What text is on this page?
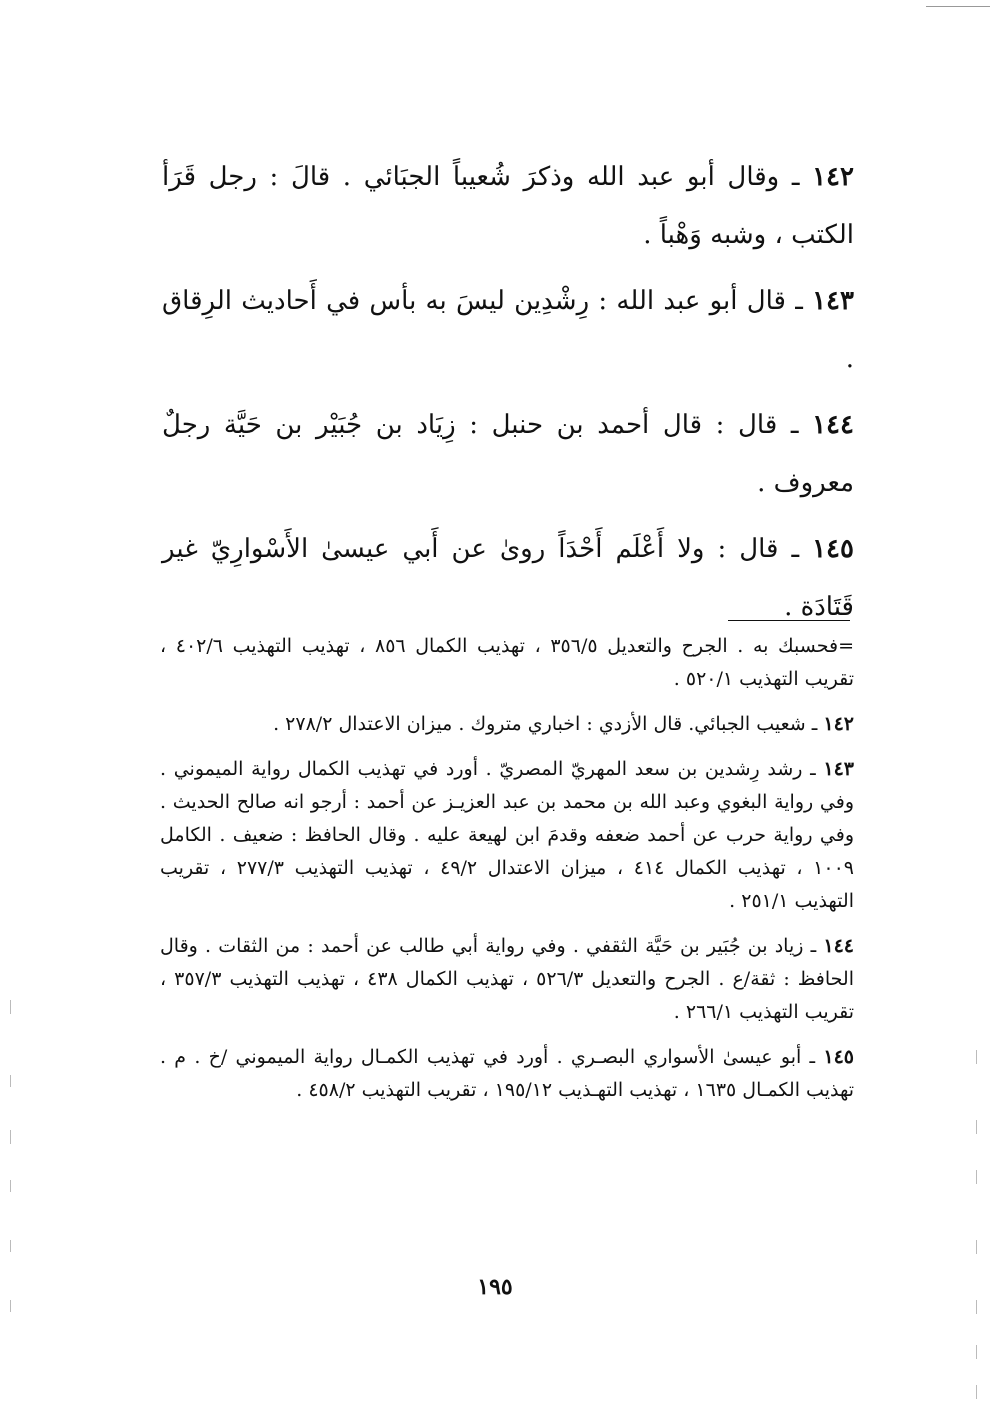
١٤٢ ـ وقال أبو عبد الله وذكرَ شُعيباً الجبَائي . قالَ : رجل قَرَأ الكتب ، وشبه وَهْباً .

١٤٣ ـ قال أبو عبد الله : رِشْدِين ليسَ به بأس في أَحاديث الرِقاق .

١٤٤ ـ قال : قال أحمد بن حنبل : زِيَاد بن جُبَيْر بن حَيَّة رجلٌ معروف .

١٤٥ ـ قال : ولا أَعْلَم أَحْدَاً روىٰ عن أَبي عيسىٰ الأَسْوارِيّ غير قَتَادَة .

=فحسبك به . الجرح والتعديل ٣٥٦/٥ ، تهذيب الكمال ٨٥٦ ، تهذيب التهذيب ٤٠٢/٦ ، تقريب التهذيب ٥٢٠/١ .

١٤٢ ـ شعيب الجبائي. قال الأزدي : اخباري متروك . ميزان الاعتدال ٢٧٨/٢ .

١٤٣ ـ رشد رِشدين بن سعد المهريّ المصريّ . أورد في تهذيب الكمال رواية الميموني . وفي رواية البغوي وعبد الله بن محمد بن عبد العزيـز عن أحمد : أرجو انه صالح الحديث . وفي رواية حرب عن أحمد ضعفه وقدمَ ابن لهيعة عليه . وقال الحافظ : ضعيف . الكامل ١٠٠٩ ، تهذيب الكمال ٤١٤ ، ميزان الاعتدال ٤٩/٢ ، تهذيب التهذيب ٢٧٧/٣ ، تقريب التهذيب ٢٥١/١ .

١٤٤ ـ زياد بن جُبَير بن حَيَّة الثقفي . وفي رواية أبي طالب عن أحمد : من الثقات . وقال الحافظ : ثقة/ع . الجرح والتعديل ٥٢٦/٣ ، تهذيب الكمال ٤٣٨ ، تهذيب التهذيب ٣٥٧/٣ ، تقريب التهذيب ٢٦٦/١ .

١٤٥ ـ أبو عيسىٰ الأسواري البصـري . أورد في تهذيب الكمـال رواية الميموني /خ . م . تهذيب الكمـال ١٦٣٥ ، تهذيب التهـذيب ١٩٥/١٢ ، تقريب التهذيب ٤٥٨/٢ .

١٩٥
